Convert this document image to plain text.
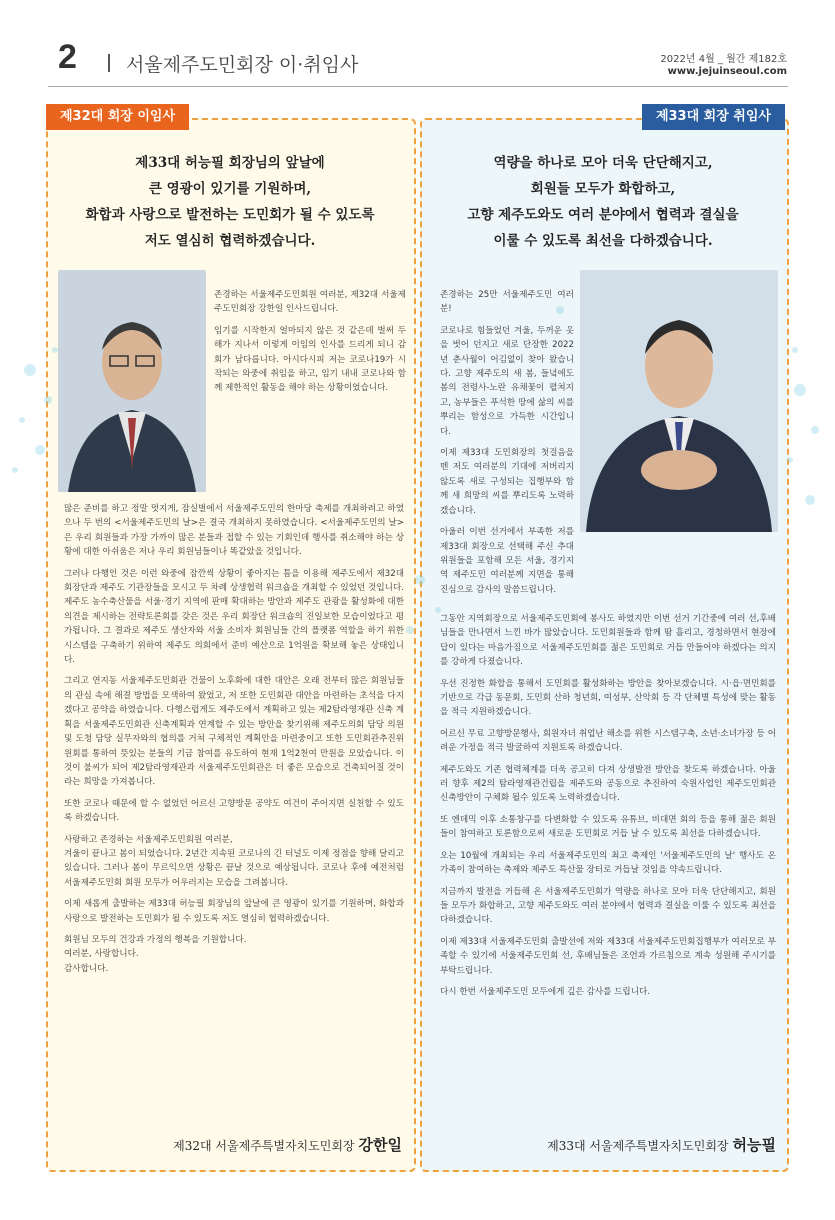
2	서울제주도민회장 이·취임사	2022년 4월 _ 월간 제182호
www.jejuinseoul.com
제32대 회장 이임사	제33대 회장 취임사
제33대 허능필 회장님의 앞날에
큰 영광이 있기를 기원하며,
화합과 사랑으로 발전하는 도민회가 될 수 있도록
저도 열심히 협력하겠습니다.
역량을 하나로 모아 더욱 단단해지고,
회원들 모두가 화합하고,
고향 제주도와도 여러 분야에서 협력과 결실을
이룰 수 있도록 최선을 다하겠습니다.
존경하는 서울제주도민회원 여러분, 제32대 서울제주도민회장 강한일 인사드립니다.
임기를 시작한지 얼마되지 않은 것 같은데 벌써 두 해가 지나서 이렇게 이임의 인사를 드리게 되니 감회가 남다릅니다. 아시다시피 저는 코로나19가 시작되는 와중에 취임을 하고, 임기 내내 코로나와 함께 제한적인 활동을 해야 하는 상황이었습니다.
많은 준비를 하고 정말 멋지게, 잠실벌에서 서울제주도민의 한마당 축제를 개최하려고 하였으나 두 번의 <서울제주도민의 날>은 결국 개최하지 못하였습니다. <서울제주도민의 날>은 우리 회원들과 가장 가까이 많은 분들과 접할 수 있는 기회인데 행사를 취소해야 하는 상황에 대한 아쉬움은 저나 우리 회원님들이나 똑같았을 것입니다.
그러나 다행인 것은 이런 와중에 잠깐씩 상황이 좋아지는 틈을 이용해 제주도에서 제32대 회장단과 제주도 기관장들을 모시고 두 차례 상생협력 워크숍을 개최할 수 있었던 것입니다. 제주도 농수축산물을 서울·경기 지역에 판매 확대하는 방안과 제주도 관광을 활성화에 대한 의견을 제시하는 전략토론회를 갖은 것은 우리 회장단 워크숍의 진일보한 모습이었다고 평가됩니다. 그 결과로 제주도 생산자와 서울 소비자 회원님들 간의 플랫폼 역할을 하기 위한 시스템을 구축하기 위하여 제주도 의회에서 준비 예산으로 1억원을 확보해 놓은 상태입니다.
그리고 연지동 서울제주도민회관 건물이 노후화에 대한 대안은 오래 전부터 많은 회원님들의 관심 속에 해결 방법을 모색하여 왔었고, 저 또한 도민회관 대안을 마련하는 초석을 다지겠다고 공약을 하였습니다. 다행스럽게도 제주도에서 계획하고 있는 제2탐라영재관 신축 계획을 서울제주도민회관 신축계획과 연계할 수 있는 방안을 찾기위해 제주도의회 담당 의원 및 도청 담당 실무자와의 협의를 거쳐 구체적인 계획안을 마련중이고 또한 도민회관추진위원회를 통하여 뜻있는 분들의 기금 참여를 유도하여 현재 1억2천여 만원을 모았습니다. 이것이 불씨가 되어 제2탐라영재관과 서울제주도민회관은 더 좋은 모습으로 건축되어질 것이라는 희망을 가져봅니다.
또한 코로나 때문에 할 수 없었던 어르신 고향방문 공약도 여건이 주어지면 실천할 수 있도록 하겠습니다.
사랑하고 존경하는 서울제주도민회원 여러분,
겨울이 끝나고 봄이 되었습니다. 2년간 지속된 코로나의 긴 터널도 이제 정점을 향해 달리고 있습니다. 그러나 봄이 무르익으면 상황은 끝날 것으로 예상됩니다. 코로나 후에 예전처럼 서울제주도민회 회원 모두가 어우러지는 모습을 그려봅니다.
이제 새롭게 출발하는 제33대 허능필 회장님의 앞날에 큰 영광이 있기를 기원하며, 화합과 사랑으로 발전하는 도민회가 될 수 있도록 저도 열심히 협력하겠습니다.
회원님 모두의 건강과 가정의 행복을 기원합니다.
여러분, 사랑합니다.
감사합니다.
존경하는 25만 서울제주도민 여러분!
코로나로 힘들었던 겨울, 두꺼운 옷을 벗어 던지고 새로 단장한 2022년 춘사월이 어김없이 찾아 왔습니다. 고향 제주도의 새 봄, 들녘에도 봄의 전령사-노란 유채꽃이 펼쳐지고, 농부들은 푸석한 땅에 삶의 씨를 뿌리는 함성으로 가득한 시간입니다.
이제 제33대 도민회장의 첫걸음을 뗀 저도 여러분의 기대에 저버리지 않도록 새로 구성되는 집행부와 함께 새 희망의 씨를 뿌리도록 노력하겠습니다.
아울러 이번 선거에서 부족한 저를 제33대 회장으로 선택해 주신 추대위원들을 포함해 모든 서울, 경기지역 제주도민 여러분께 지면을 통해 진심으로 감사의 말씀드립니다.
그동안 지역회장으로 서울제주도민회에 봉사도 하였지만 이번 선거 기간중에 여러 선,후배님들을 만나면서 느낀 바가 많았습니다. 도민회원들과 함께 땀 흘리고, 경청하면서 현장에 답이 있다는 마음가짐으로 서울제주도민회를 젊은 도민회로 거듭 만들어야 하겠다는 의지를 강하게 다졌습니다.
우선 진정한 화합을 통해서 도민회를 활성화하는 방안을 찾아보겠습니다. 시·읍·면민회를 기반으로 각급 동문회, 도민회 산하 청년회, 여성부, 산악회 등 각 단체별 특성에 맞는 활동을 적극 지원하겠습니다.
어르신 무료 고향방문행사, 회원자녀 취업난 해소를 위한 시스템구축, 소년·소녀가장 등 어려운 가정을 적극 발굴하여 지원토록 하겠습니다.
제주도와도 기존 협력체계를 더욱 공고히 다져 상생발전 방안을 찾도록 하겠습니다. 아울러 향후 제2의 탐라영재관건립을 제주도와 공동으로 추진하여 숙원사업인 제주도민회관 신축방안이 구체화 될수 있도록 노력하겠습니다.
또 엔데믹 이후 소통창구를 다변화할 수 있도록 유튜브, 비대면 회의 등을 통해 젊은 회원들이 참여하고 토론함으로써 새로운 도민회로 거듭 날 수 있도록 최선을 다하겠습니다.
오는 10월에 개최되는 우리 서울제주도민의 최고 축제인 '서울제주도민의 날' 행사도 온 가족이 참여하는 축제와 제주도 특산물 장터로 거듭날 것임을 약속드립니다.
지금까지 발전을 거듭해 온 서울제주도민회가 역량을 하나로 모아 더욱 단단해지고, 회원들 모두가 화합하고, 고향 제주도와도 여러 분야에서 협력과 결실을 이룰 수 있도록 최선을 다하겠습니다.
이제 제33대 서울제주도민회 출발선에 저와 제33대 서울제주도민회집행부가 여러모로 부족할 수 있기에 서울제주도민회 선, 후배님들은 조언과 가르침으로 계속 성원해 주시기를 부탁드립니다.
다시 한번 서울제주도민 모두에게 깊은 감사를 드립니다.
제32대 서울제주특별자치도민회장 강한일	제33대 서울제주특별자치도민회장 허능필
